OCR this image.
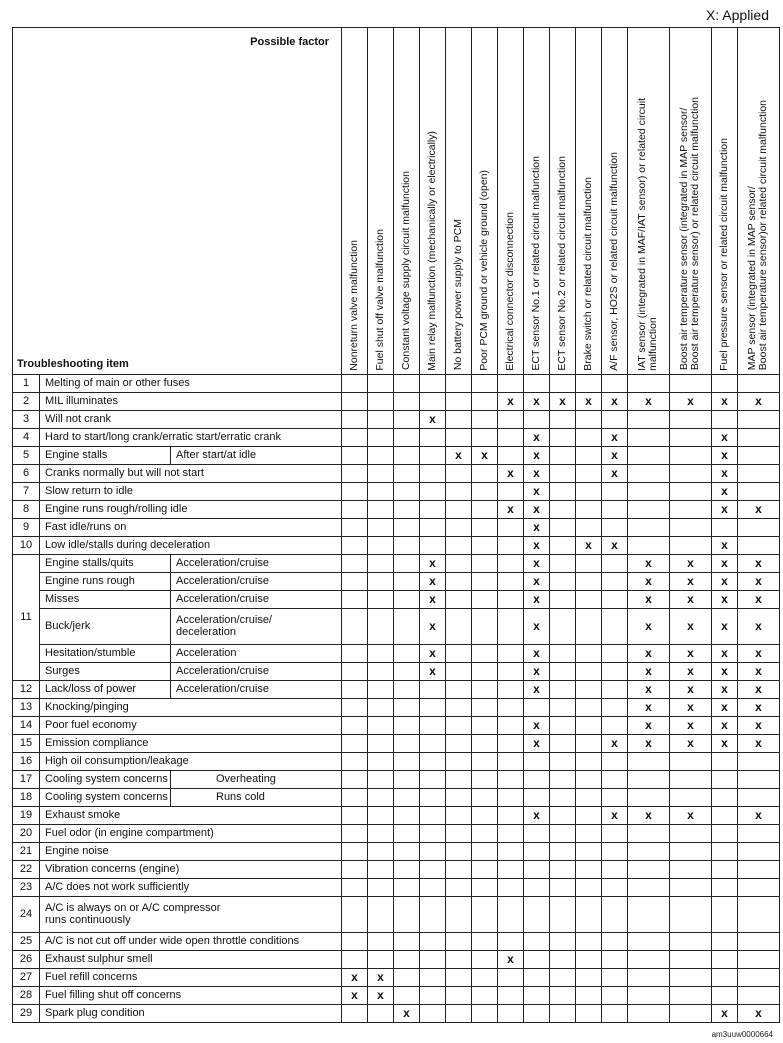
X: Applied
Possible factor
Troubleshooting item			Nonreturn valve malfunction	Fuel shut off valve malfunction	Constant voltage supply circuit malfunction	Main relay malfunction (mechanically or electrically)	No battery power supply to PCM	Poor PCM ground or vehicle ground (open)	Electrical connector disconnection	ECT sensor No.1 or related circuit malfunction	ECT sensor No.2 or related circuit malfunction	Brake switch or related circuit malfunction	A/F sensor, HO2S or related circuit malfunction	IAT sensor (integrated in MAF/IAT sensor) or related circuit
malfunction	Boost air temperature sensor (integrated in MAP sensor/
Boost air temperature sensor) or related circuit malfunction	Fuel pressure sensor or related circuit malfunction	MAP sensor (integrated in MAP sensor/
Boost air temperature sensor)or related circuit malfunction
1	Melting of main or other fuses																
2	MIL illuminates								x	x	x	x	x	x	x	x	x
3	Will not crank					x											
4	Hard to start/long crank/erratic start/erratic crank									x			x			x	
5	Engine stalls	After start/at idle					x	x		x			x			x	
6	Cranks normally but will not start								x	x			x			x	
7	Slow return to idle									x						x	
8	Engine runs rough/rolling idle								x	x						x	x
9	Fast idle/runs on									x							
10	Low idle/stalls during deceleration									x		x	x			x	
11	Engine stalls/quits	Acceleration/cruise				x				x				x	x	x	x
	Engine runs rough	Acceleration/cruise				x				x				x	x	x	x
	Misses	Acceleration/cruise				x				x				x	x	x	x
	Buck/jerk	Acceleration/cruise/
deceleration				x				x				x	x	x	x
	Hesitation/stumble	Acceleration				x				x				x	x	x	x
	Surges	Acceleration/cruise				x				x				x	x	x	x
12	Lack/loss of power	Acceleration/cruise								x				x	x	x	x
13	Knocking/pinging													x	x	x	x
14	Poor fuel economy									x				x	x	x	x
15	Emission compliance									x			x	x	x	x	x
16	High oil consumption/leakage																
17	Cooling system concerns	Overheating															
18	Cooling system concerns	Runs cold															
19	Exhaust smoke									x			x	x	x		x
20	Fuel odor (in engine compartment)																
21	Engine noise																
22	Vibration concerns (engine)																
23	A/C does not work sufficiently																
24	A/C is always on or A/C compressor
runs continuously																
25	A/C is not cut off under wide open throttle conditions																
26	Exhaust sulphur smell								x								
27	Fuel refill concerns		x	x													
28	Fuel filling shut off concerns		x	x													
29	Spark plug condition				x											x	x
am3uuw0000664
